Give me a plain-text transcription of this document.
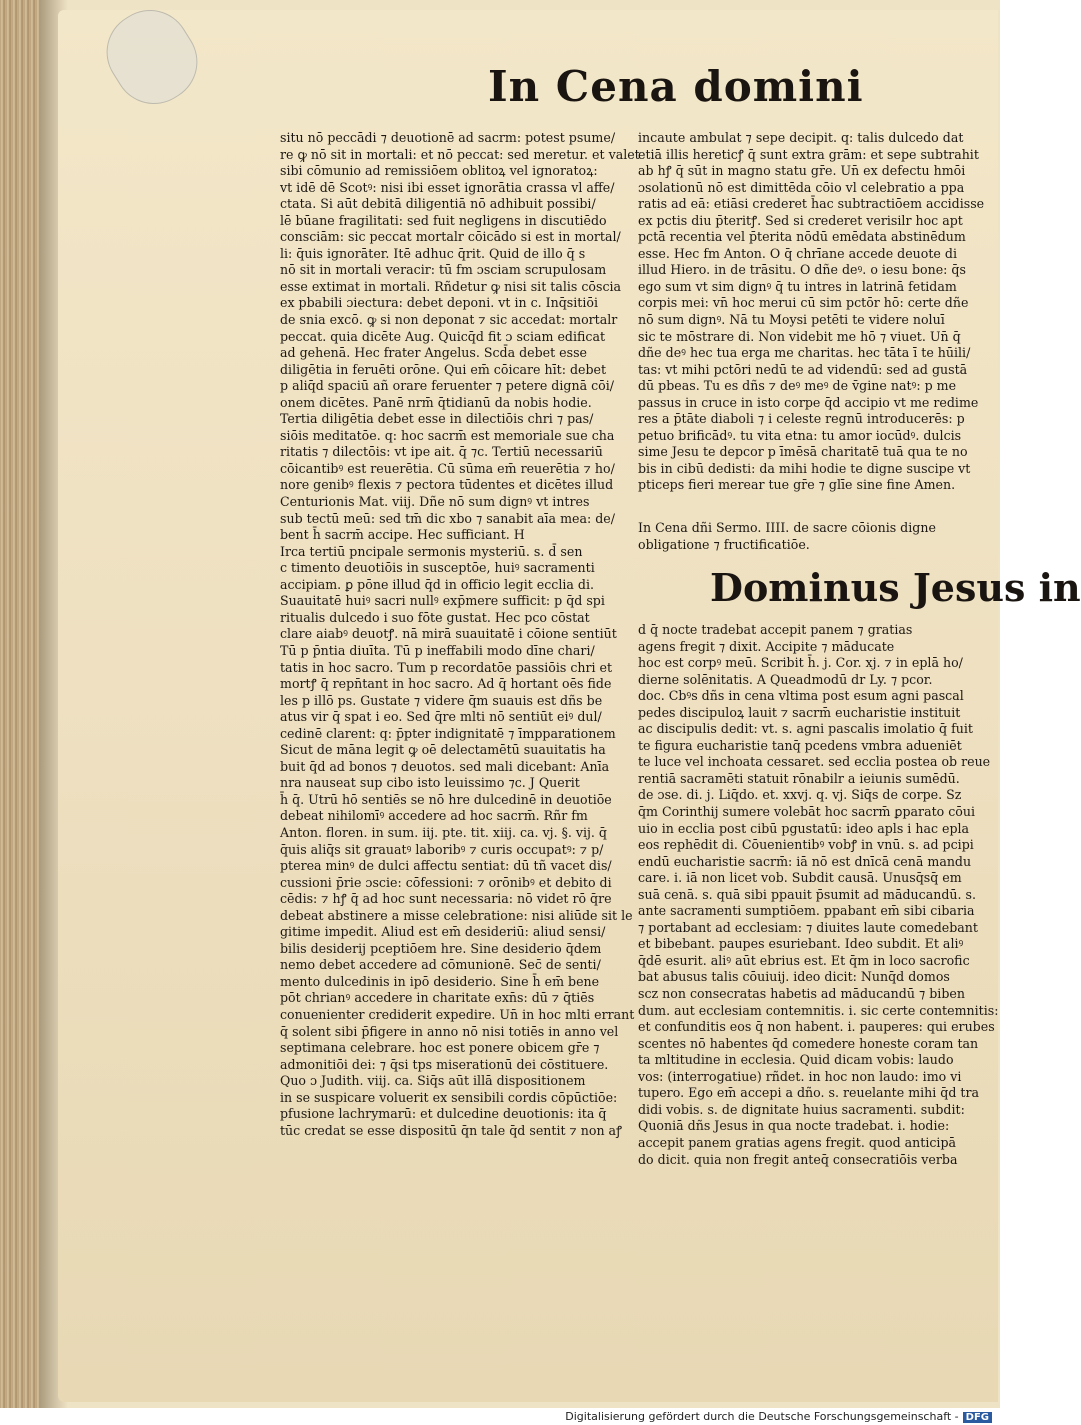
In Cena domini
situ nō peccādi ⁊ deuotionē ad sacrm: potest psume/
re ꝙ nō sit in mortali: et nō peccat: sed meretur. et valet
sibi cōmunio ad remissiōem oblitoꝝ vel ignoratoꝝ:
vt idē dē Scotꝰ: nisi ibi esset ignorātia crassa vl affe/
ctata. Si aūt debitā diligentiā nō adhibuit possibi/
lē būane fragilitati: sed fuit negligens in discutiēdo
consciām: sic peccat mortalr cōicādo si est in mortal/
li: q̄uis ignorāter. Itē adhuc q̄rit. Quid de illo q̄ s
nō sit in mortali veracir: tū fm ɔsciam scrupulosam
esse extimat in mortali. Rñdetur ꝙ nisi sit talis cōscia
ex pbabili ɔiectura: debet deponi. vt in c. Inq̄sitiōi
de snia excō. ꝙ si non deponat ⁊ sic accedat: mortalr
peccat. quia dicēte Aug. Quicq̄d fit ɔ sciam edificat
ad gehenā. Hec frater Angelus. Scd̄a debet esse
diligētia in feruēti orōne. Qui em̄ cōicare hīt: debet
p aliq̄d spaciū añ orare feruenter ⁊ petere dignā cōi/
onem dicētes. Panē nrm̄ q̄tidianū da nobis hodie.
Tertia diligētia debet esse in dilectiōis chri ⁊ pas/
siōis meditatōe. q: hoc sacrm̄ est memoriale sue cha
ritatis ⁊ dilectōis: vt ipe ait. q̄ ⁊c. Tertiū necessariū
cōicantibꝰ est reuerētia. Cū sūma em̄ reuerētia ⁊ ho/
nore genibꝰ flexis ⁊ pectora tūdentes et dicētes illud
Centurionis Mat. viij. Dñe nō sum dignꝰ vt intres
sub tectū meū: sed tm̄ dic xbo ⁊ sanabit aīa mea: de/
bent h̄ sacrm̄ accipe. Hec sufficiant. H
Irca tertiū pncipale sermonis mysteriū. s. d̄ sen
c timento deuotiōis in susceptōe, huiꝰ sacramenti
accipiam. ꝑ pōne illud q̄d in officio legit ecclia di.
Suauitatē huiꝰ sacri nullꝰ exp̄mere sufficit: p q̄d spi
ritualis dulcedo i suo fōte gustat. Hec pco cōstat
clare aiabꝰ deuotꝭ. nā mirā suauitatē i cōione sentiūt
Tū p p̄ntia diuīta. Tū p ineffabili modo dīne chari/
tatis in hoc sacro. Tum p recordatōe passiōis chri et
mortꝭ q̄ repn̄tant in hoc sacro. Ad q̄ hortant oēs fide
les p illō ps. Gustate ⁊ videre q̄m suauis est dñs be
atus vir q̄ spat i eo. Sed q̄re mlti nō sentiūt eiꝰ dul/
cedinē clarent: q: p̄pter indignitatē ⁊ īmpparationem
Sicut de māna legit ꝙ oē delectamētū suauitatis ha
buit q̄d ad bonos ⁊ deuotos. sed mali dicebant: Anīa
nra nauseat sup cibo isto leuissimo ⁊c. J Querit
h̄ q̄. Utrū hō sentiēs se nō hre dulcedinē in deuotiōe
debeat nihilomīꝰ accedere ad hoc sacrm̄. Rñr fm
Anton. floren. in sum. iij. pte. tit. xiij. ca. vj. §. vij. q̄
q̄uis aliq̄s sit grauatꝰ laboribꝰ ⁊ curis occupatꝰ: ⁊ p/
pterea minꝰ de dulci affectu sentiat: dū tñ vacet dis/
cussioni p̄rie ɔscie: cōfessioni: ⁊ orōnibꝰ et debito di
cēdis: ⁊ hꝭ q̄ ad hoc sunt necessaria: nō videt rō q̄re
debeat abstinere a misse celebratione: nisi aliūde sit le
gitime impedit. Aliud est em̄ desideriū: aliud sensi/
bilis desiderij pceptiōem hre. Sine desiderio q̄dem
nemo debet accedere ad cōmunionē. Sec̄ de senti/
mento dulcedinis in ipō desiderio. Sine h̄ em̄ bene
pōt chrianꝰ accedere in charitate exn̄s: dū ⁊ q̄tiēs
conuenienter crediderit expedire. Un̄ in hoc mlti errant
q̄ solent sibi p̄figere in anno nō nisi totiēs in anno vel
septimana celebrare. hoc est ponere obicem gr̄e ⁊
admonitiōi dei: ⁊ q̄si tps miserationū dei cōstituere.
Quo ɔ Judith. viij. ca. Siq̄s aūt illā dispositionem
in se suspicare voluerit ex sensibili cordis cōpūctiōe:
pfusione lachrymarū: et dulcedine deuotionis: ita q̄
tūc credat se esse dispositū q̄n tale q̄d sentit ⁊ non aꝭ
incaute ambulat ⁊ sepe decipit. q: talis dulcedo dat
etiā illis hereticꝭ q̄ sunt extra grām: et sepe subtrahit
ab hꝭ q̄ sūt in magno statu gr̄e. Un̄ ex defectu hmōi
ɔsolationū nō est dimittēda cōio vl celebratio a ppa
ratis ad eā: etiāsi crederet h̄ac subtractiōem accidisse
ex pctis diu p̄teritꝭ. Sed si crederet verisilr hoc apt
pctā recentia vel p̄terita nōdū emēdata abstinēdum
esse. Hec fm Anton. O q̄ chrīane accede deuote di
illud Hiero. in de trāsitu. O dñe deꝰ. o iesu bone: q̄s
ego sum vt sim dignꝰ q̄ tu intres in latrinā fetidam
corpis mei: vn̄ hoc merui cū sim pctōr hō: certe dñe
nō sum dignꝰ. Nā tu Moysi petēti te videre noluī
sic te mōstrare di. Non videbit me hō ⁊ viuet. Un̄ q̄
dñe deꝰ hec tua erga me charitas. hec tāta ī te hūili/
tas: vt mihi pctōri nedū te ad videndū: sed ad gustā
dū pbeas. Tu es dñs ⁊ deꝰ meꝰ de v̄gine natꝰ: p me
passus in cruce in isto corpe q̄d accipio vt me redime
res a p̄tāte diaboli ⁊ i celeste regnū introducerēs: p
petuo brificādꝰ. tu vita etna: tu amor iocūdꝰ. dulcis
sime Jesu te depcor p īmēsā charitatē tuā qua te no
bis in cibū dedisti: da mihi hodie te digne suscipe vt
pticeps fieri merear tue gr̄e ⁊ glīe sine fine Amen.
In Cena dñi Sermo. IIII. de sacre cōionis digne
obligatione ⁊ fructificatiōe.
Dominus Jesus in
d q̄ nocte tradebat accepit panem ⁊ gratias
agens fregit ⁊ dixit. Accipite ⁊ māducate
hoc est corpꝰ meū. Scribit h̄. j. Cor. xj. ⁊ in eplā ho/
dierne solēnitatis. A Queadmodū dr Ly. ⁊ pcor.
doc. Cbꝰs dñs in cena vltima post esum agni pascal
pedes discipuloꝝ lauit ⁊ sacrm̄ eucharistie instituit
ac discipulis dedit: vt. s. agni pascalis imolatio q̄ fuit
te figura eucharistie tanq̄ pcedens vmbra adueniēt
te luce vel inchoata cessaret. sed ecclia postea ob reue
rentiā sacramēti statuit rōnabilr a ieiunis sumēdū.
de ɔse. di. j. Liq̄do. et. xxvj. q. vj. Siq̄s de corpe. Sz
q̄m Corinthij sumere volebāt hoc sacrm̄ ꝑparato cōui
uio in ecclia post cibū pgustatū: ideo apls i hac epla
eos rephēdit di. Cōuenientibꝰ vobꝭ in vnū. s. ad pcipi
endū eucharistie sacrm̄: iā nō est dnīcā cenā mandu
care. i. iā non licet vob. Subdit causā. Unusq̄sq̄ em
suā cenā. s. quā sibi ppauit p̄sumit ad māducandū. s.
ante sacramenti sumptiōem. ppabant em̄ sibi cibaria
⁊ portabant ad ecclesiam: ⁊ diuites laute comedebant
et bibebant. paupes esuriebant. Ideo subdit. Et aliꝰ
q̄dē esurit. aliꝰ aūt ebrius est. Et q̄m in loco sacrofic
bat abusus talis cōuiuij. ideo dicit: Nunq̄d domos
scz non consecratas habetis ad māducandū ⁊ biben
dum. aut ecclesiam contemnitis. i. sic certe contemnitis:
et confunditis eos q̄ non habent. i. pauperes: qui erubes
scentes nō habentes q̄d comedere honeste coram tan
ta mltitudine in ecclesia. Quid dicam vobis: laudo
vos: (interrogatiue) rñdet. in hoc non laudo: imo vi
tupero. Ego em̄ accepi a dño. s. reuelante mihi q̄d tra
didi vobis. s. de dignitate huius sacramenti. subdit:
Quoniā dñs Jesus in qua nocte tradebat. i. hodie:
accepit panem gratias agens fregit. quod anticipā
do dicit. quia non fregit anteq̄ consecratiōis verba
Digitalisierung gefördert durch die Deutsche Forschungsgemeinschaft - DFG
